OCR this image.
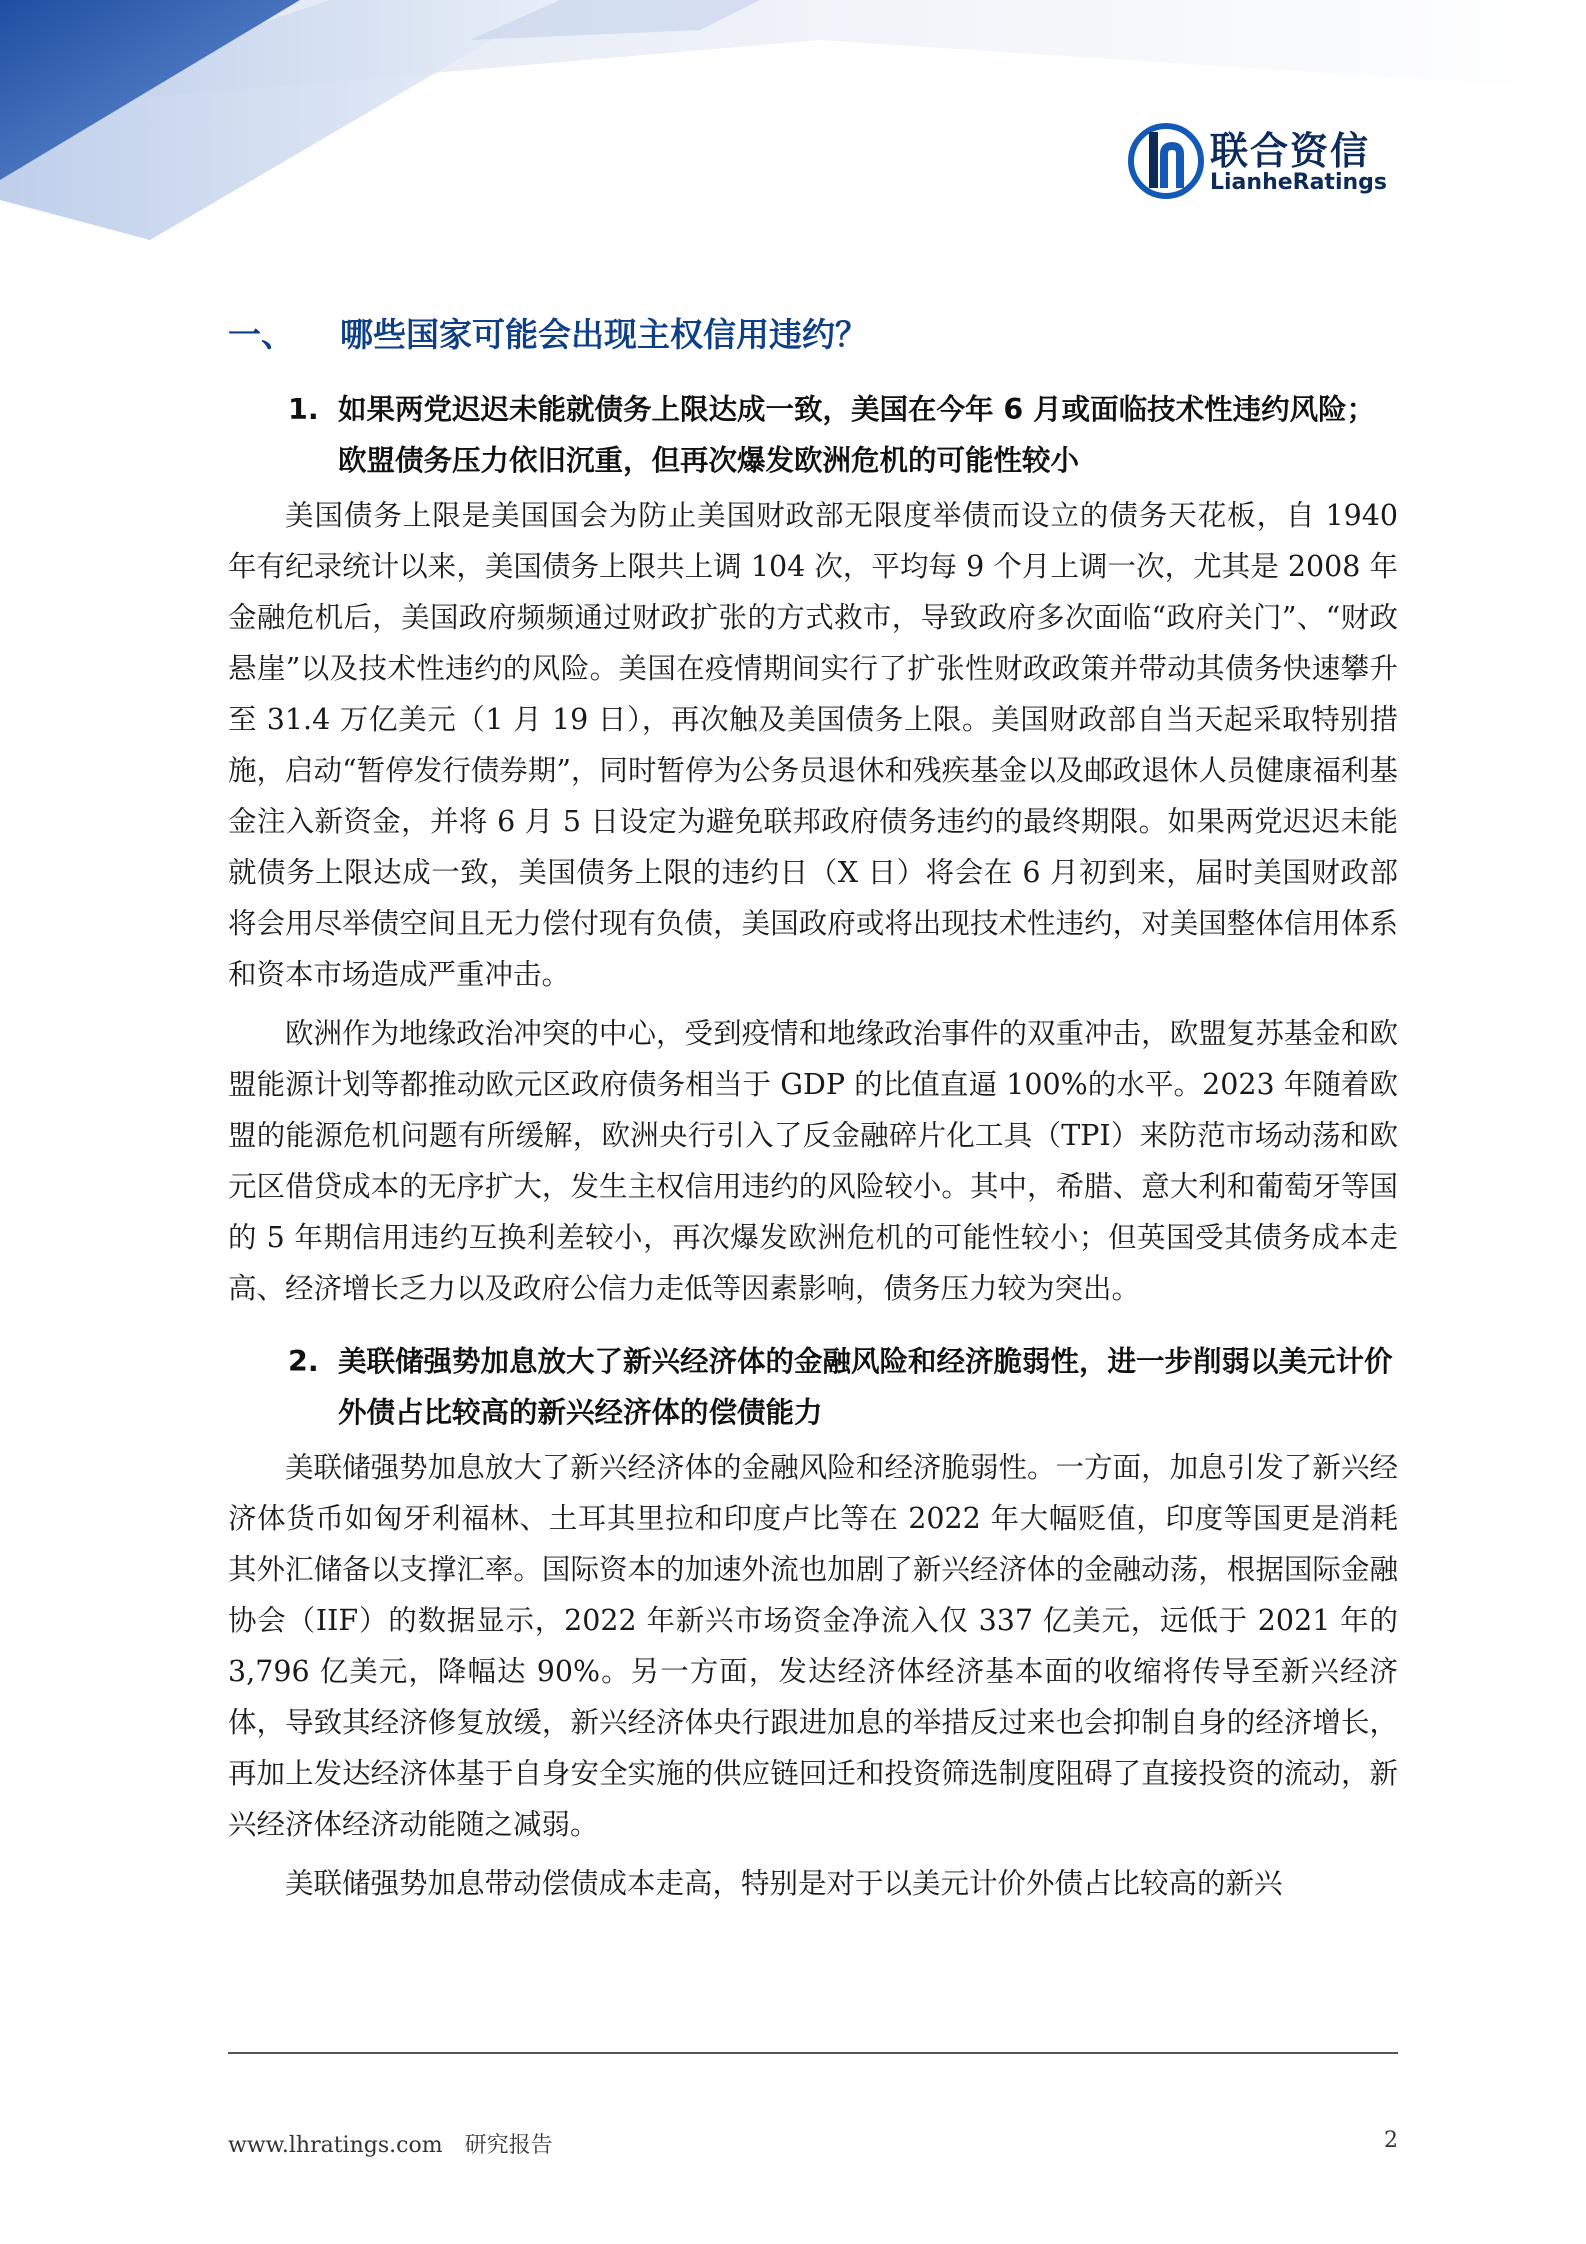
联合资信
LianheRatings
一、	哪些国家可能会出现主权信用违约？
1. 如果两党迟迟未能就债务上限达成一致，美国在今年 6 月或面临技术性违约风险；欧盟债务压力依旧沉重，但再次爆发欧洲危机的可能性较小

美国债务上限是美国国会为防止美国财政部无限度举债而设立的债务天花板，自 1940 年有纪录统计以来，美国债务上限共上调 104 次，平均每 9 个月上调一次，尤其是 2008 年金融危机后，美国政府频频通过财政扩张的方式救市，导致政府多次面临“政府关门”、“财政悬崖”以及技术性违约的风险。美国在疫情期间实行了扩张性财政政策并带动其债务快速攀升至 31.4 万亿美元（1 月 19 日），再次触及美国债务上限。美国财政部自当天起采取特别措施，启动“暂停发行债券期”，同时暂停为公务员退休和残疾基金以及邮政退休人员健康福利基金注入新资金，并将 6 月 5 日设定为避免联邦政府债务违约的最终期限。如果两党迟迟未能就债务上限达成一致，美国债务上限的违约日（X 日）将会在 6 月初到来，届时美国财政部将会用尽举债空间且无力偿付现有负债，美国政府或将出现技术性违约，对美国整体信用体系和资本市场造成严重冲击。

欧洲作为地缘政治冲突的中心，受到疫情和地缘政治事件的双重冲击，欧盟复苏基金和欧盟能源计划等都推动欧元区政府债务相当于 GDP 的比值直逼 100%的水平。2023 年随着欧盟的能源危机问题有所缓解，欧洲央行引入了反金融碎片化工具（TPI）来防范市场动荡和欧元区借贷成本的无序扩大，发生主权信用违约的风险较小。其中，希腊、意大利和葡萄牙等国的 5 年期信用违约互换利差较小，再次爆发欧洲危机的可能性较小；但英国受其债务成本走高、经济增长乏力以及政府公信力走低等因素影响，债务压力较为突出。

2. 美联储强势加息放大了新兴经济体的金融风险和经济脆弱性，进一步削弱以美元计价外债占比较高的新兴经济体的偿债能力

美联储强势加息放大了新兴经济体的金融风险和经济脆弱性。一方面，加息引发了新兴经济体货币如匈牙利福林、土耳其里拉和印度卢比等在 2022 年大幅贬值，印度等国更是消耗其外汇储备以支撑汇率。国际资本的加速外流也加剧了新兴经济体的金融动荡，根据国际金融协会（IIF）的数据显示，2022 年新兴市场资金净流入仅 337 亿美元，远低于 2021 年的 3,796 亿美元，降幅达 90%。另一方面，发达经济体经济基本面的收缩将传导至新兴经济体，导致其经济修复放缓，新兴经济体央行跟进加息的举措反过来也会抑制自身的经济增长，再加上发达经济体基于自身安全实施的供应链回迁和投资筛选制度阻碍了直接投资的流动，新兴经济体经济动能随之减弱。

美联储强势加息带动偿债成本走高，特别是对于以美元计价外债占比较高的新兴

www.lhratings.com 研究报告	2
